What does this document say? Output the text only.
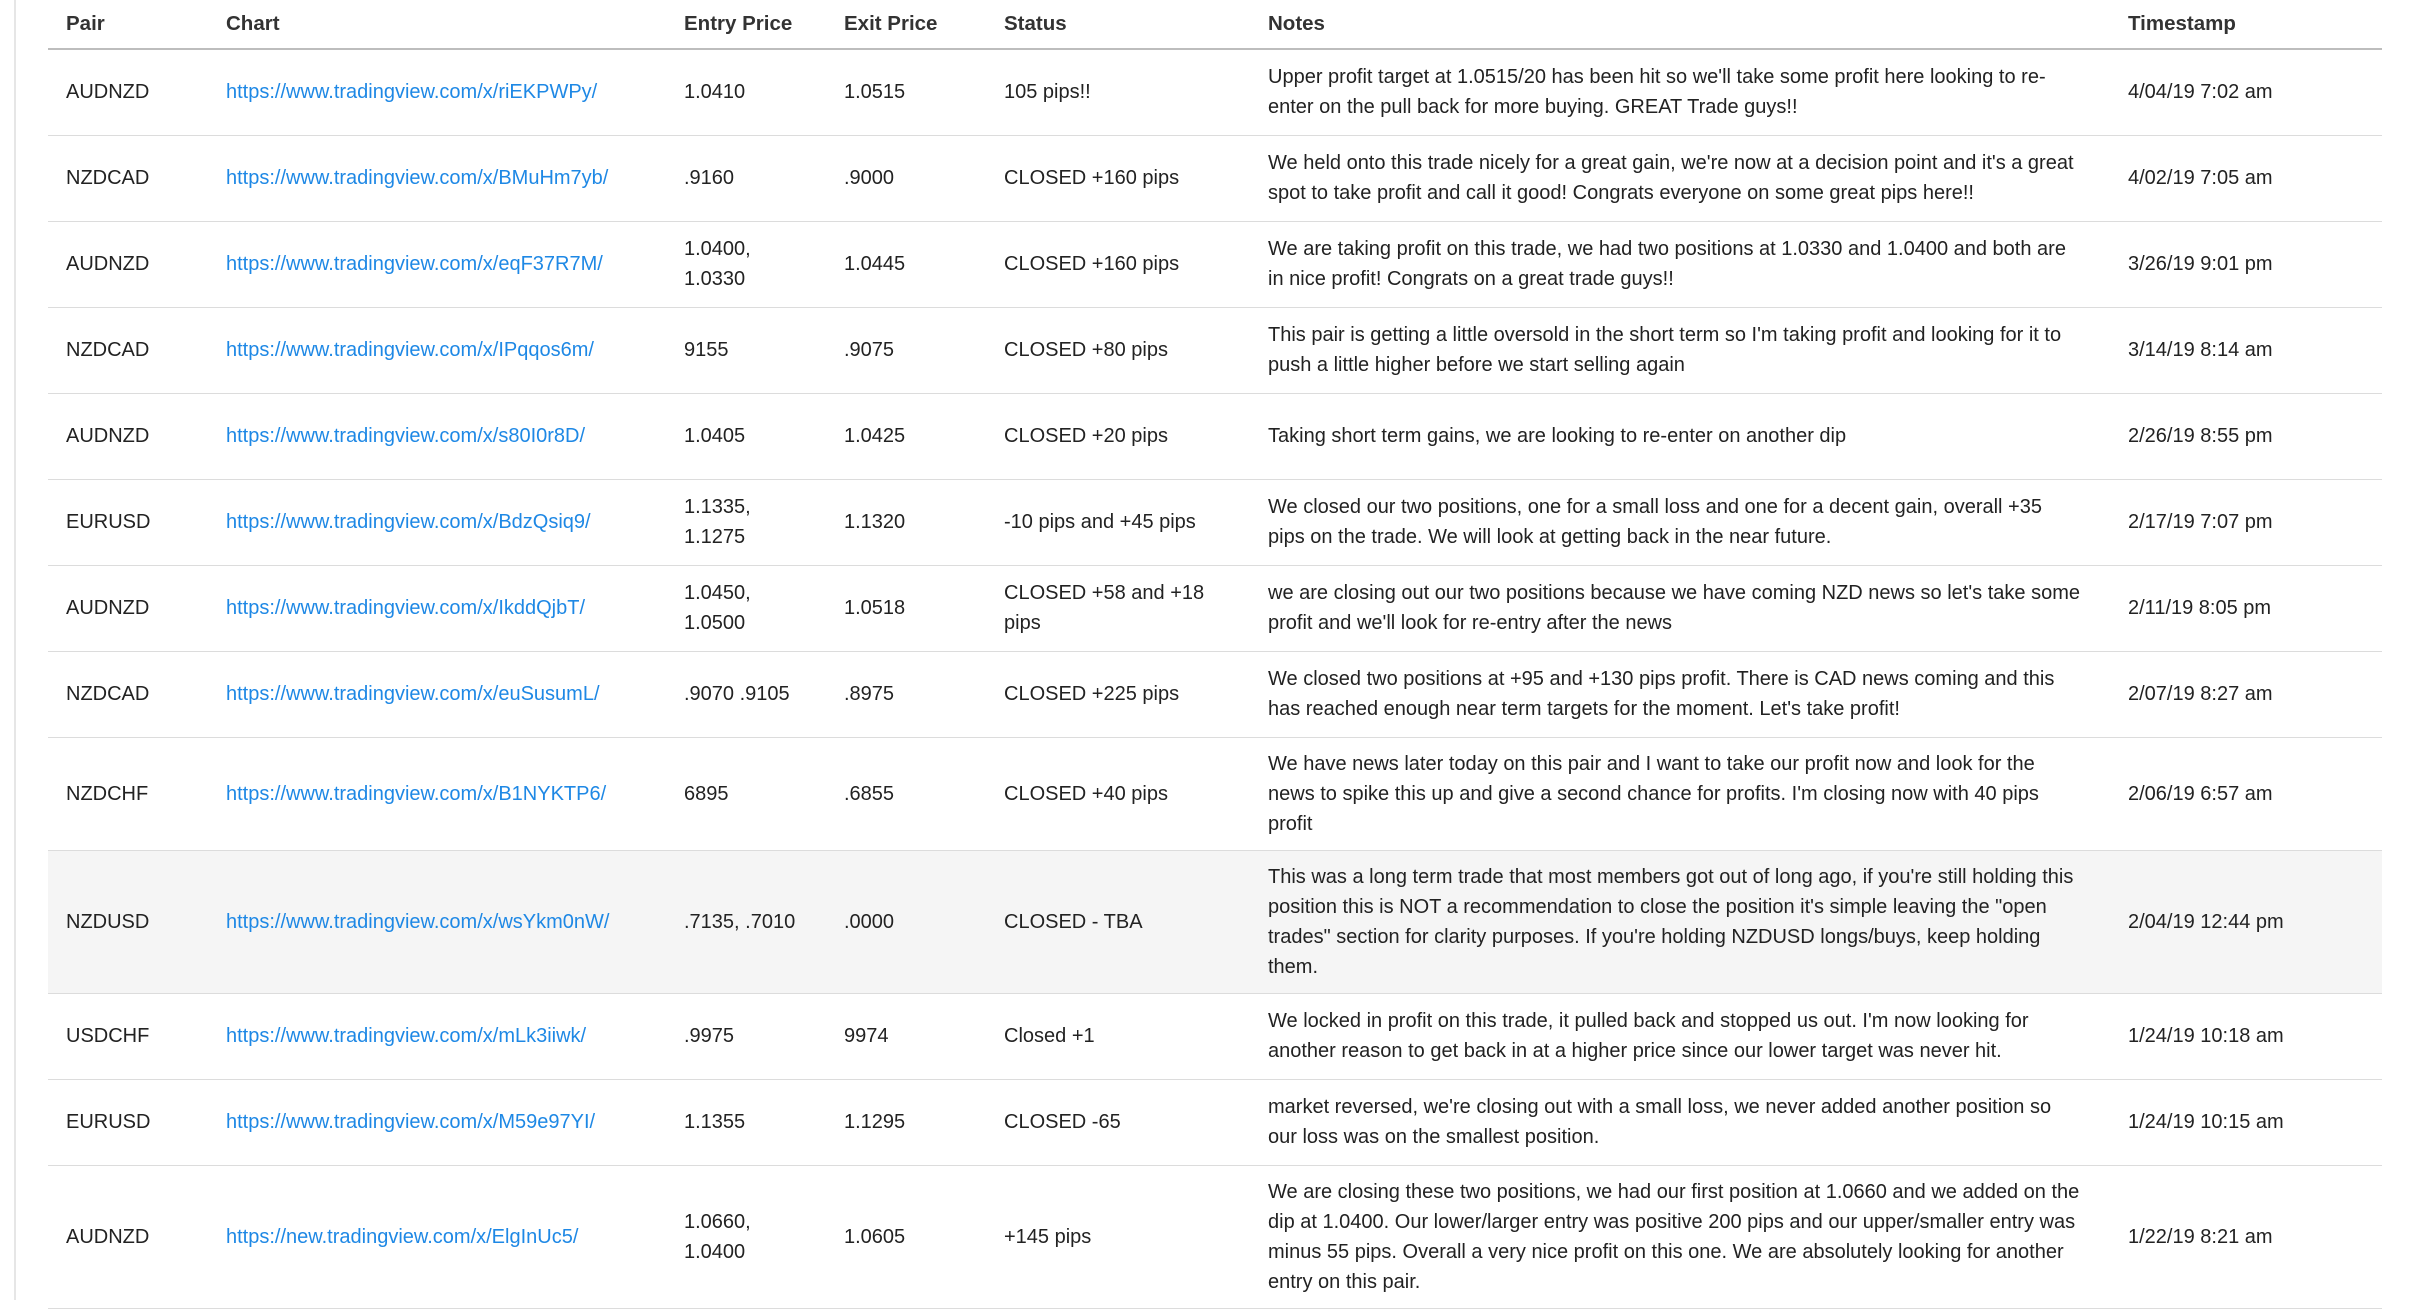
Pair	Chart	Entry Price	Exit Price	Status	Notes	Timestamp
AUDNZD	https://www.tradingview.com/x/riEKPWPy/	1.0410	1.0515	105 pips!!	Upper profit target at 1.0515/20 has been hit so we'll take some profit here looking to re-enter on the pull back for more buying. GREAT Trade guys!!	4/04/19 7:02 am
NZDCAD	https://www.tradingview.com/x/BMuHm7yb/	.9160	.9000	CLOSED +160 pips	We held onto this trade nicely for a great gain, we're now at a decision point and it's a great spot to take profit and call it good! Congrats everyone on some great pips here!!	4/02/19 7:05 am
AUDNZD	https://www.tradingview.com/x/eqF37R7M/	1.0400, 1.0330	1.0445	CLOSED +160 pips	We are taking profit on this trade, we had two positions at 1.0330 and 1.0400 and both are in nice profit! Congrats on a great trade guys!!	3/26/19 9:01 pm
NZDCAD	https://www.tradingview.com/x/IPqqos6m/	9155	.9075	CLOSED +80 pips	This pair is getting a little oversold in the short term so I'm taking profit and looking for it to push a little higher before we start selling again	3/14/19 8:14 am
AUDNZD	https://www.tradingview.com/x/s80I0r8D/	1.0405	1.0425	CLOSED +20 pips	Taking short term gains, we are looking to re-enter on another dip	2/26/19 8:55 pm
EURUSD	https://www.tradingview.com/x/BdzQsiq9/	1.1335, 1.1275	1.1320	-10 pips and +45 pips	We closed our two positions, one for a small loss and one for a decent gain, overall +35 pips on the trade. We will look at getting back in the near future.	2/17/19 7:07 pm
AUDNZD	https://www.tradingview.com/x/IkddQjbT/	1.0450, 1.0500	1.0518	CLOSED +58 and +18 pips	we are closing out our two positions because we have coming NZD news so let's take some profit and we'll look for re-entry after the news	2/11/19 8:05 pm
NZDCAD	https://www.tradingview.com/x/euSusumL/	.9070 .9105	.8975	CLOSED +225 pips	We closed two positions at +95 and +130 pips profit. There is CAD news coming and this has reached enough near term targets for the moment. Let's take profit!	2/07/19 8:27 am
NZDCHF	https://www.tradingview.com/x/B1NYKTP6/	6895	.6855	CLOSED +40 pips	We have news later today on this pair and I want to take our profit now and look for the news to spike this up and give a second chance for profits. I'm closing now with 40 pips profit	2/06/19 6:57 am
NZDUSD	https://www.tradingview.com/x/wsYkm0nW/	.7135, .7010	.0000	CLOSED - TBA	This was a long term trade that most members got out of long ago, if you're still holding this position this is NOT a recommendation to close the position it's simple leaving the "open trades" section for clarity purposes. If you're holding NZDUSD longs/buys, keep holding them.	2/04/19 12:44 pm
USDCHF	https://www.tradingview.com/x/mLk3iiwk/	.9975	9974	Closed +1	We locked in profit on this trade, it pulled back and stopped us out. I'm now looking for another reason to get back in at a higher price since our lower target was never hit.	1/24/19 10:18 am
EURUSD	https://www.tradingview.com/x/M59e97YI/	1.1355	1.1295	CLOSED -65	market reversed, we're closing out with a small loss, we never added another position so our loss was on the smallest position.	1/24/19 10:15 am
AUDNZD	https://new.tradingview.com/x/ElgInUc5/	1.0660, 1.0400	1.0605	+145 pips	We are closing these two positions, we had our first position at 1.0660 and we added on the dip at 1.0400. Our lower/larger entry was positive 200 pips and our upper/smaller entry was minus 55 pips. Overall a very nice profit on this one. We are absolutely looking for another entry on this pair.	1/22/19 8:21 am
